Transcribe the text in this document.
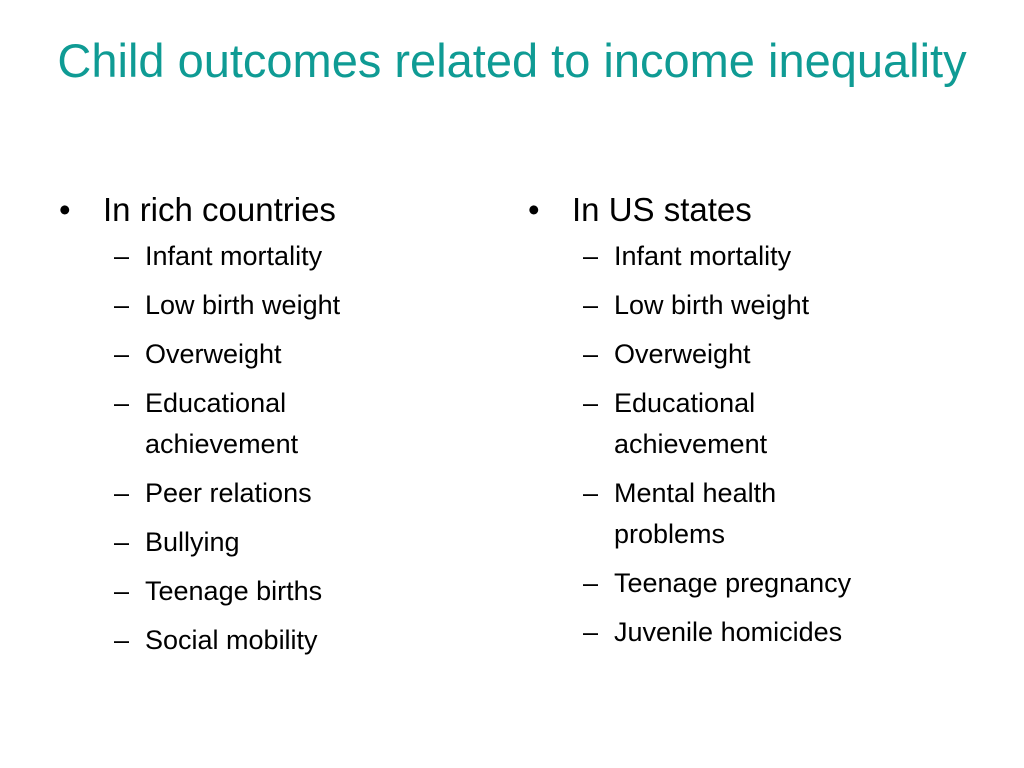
Child outcomes related to income inequality
• In rich countries
– Infant mortality
– Low birth weight
– Overweight
– Educational achievement
– Peer relations
– Bullying
– Teenage births
– Social mobility
• In US states
– Infant mortality
– Low birth weight
– Overweight
– Educational achievement
– Mental health problems
– Teenage pregnancy
– Juvenile homicides
